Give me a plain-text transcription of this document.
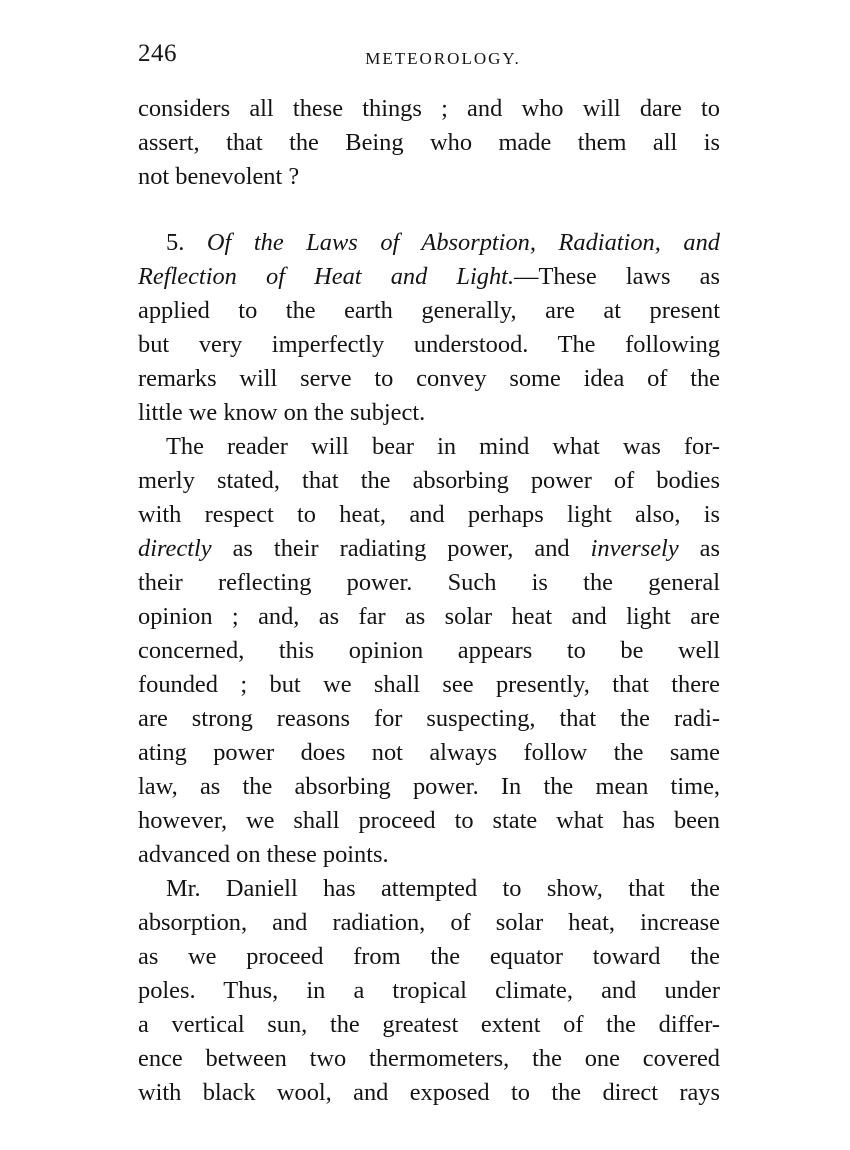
246	METEOROLOGY.
considers all these things ; and who will dare to
assert, that the Being who made them all is
not benevolent ?
5. Of the Laws of Absorption, Radiation, and
Reflection of Heat and Light.—These laws as
applied to the earth generally, are at present
but very imperfectly understood. The following
remarks will serve to convey some idea of the
little we know on the subject.
The reader will bear in mind what was for-
merly stated, that the absorbing power of bodies
with respect to heat, and perhaps light also, is
directly as their radiating power, and inversely as
their reflecting power. Such is the general
opinion ; and, as far as solar heat and light are
concerned, this opinion appears to be well
founded ; but we shall see presently, that there
are strong reasons for suspecting, that the radi-
ating power does not always follow the same
law, as the absorbing power. In the mean time,
however, we shall proceed to state what has been
advanced on these points.
Mr. Daniell has attempted to show, that the
absorption, and radiation, of solar heat, increase
as we proceed from the equator toward the
poles. Thus, in a tropical climate, and under
a vertical sun, the greatest extent of the differ-
ence between two thermometers, the one covered
with black wool, and exposed to the direct rays
